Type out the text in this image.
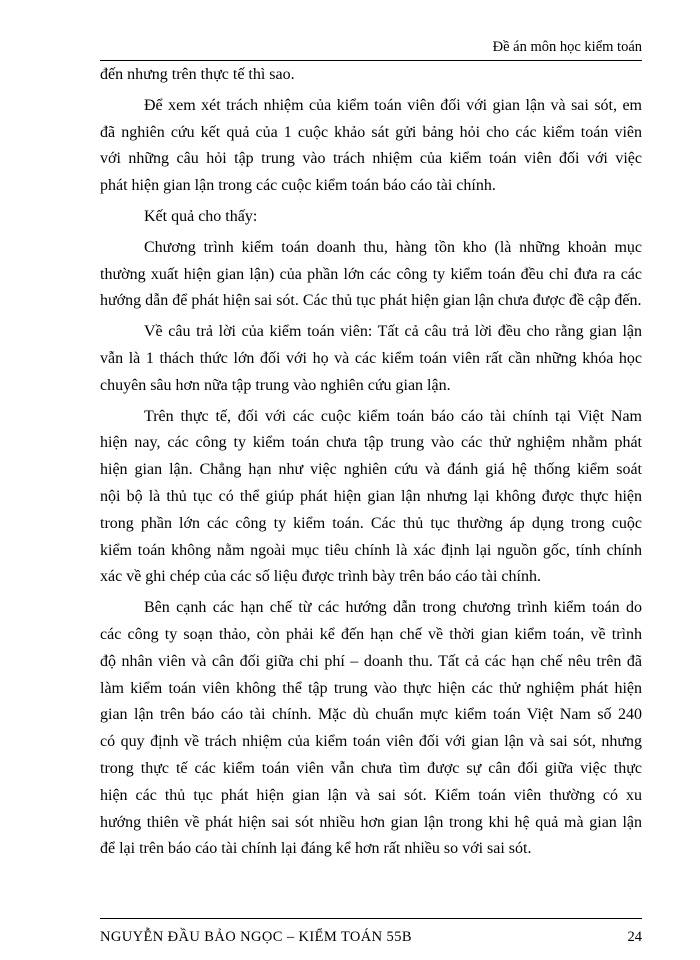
Đề án môn học kiểm toán
đến nhưng trên thực tế thì sao.
Để xem xét trách nhiệm của kiểm toán viên đối với gian lận và sai sót, em
đã nghiên cứu kết quả của 1 cuộc khảo sát gửi bảng hỏi cho các kiểm toán viên
với những câu hỏi tập trung vào trách nhiệm của kiểm toán viên đối với việc
phát hiện gian lận trong các cuộc kiểm toán báo cáo tài chính.
Kết quả cho thấy:
Chương trình kiểm toán doanh thu, hàng tồn kho (là những khoản mục
thường xuất hiện gian lận) của phần lớn các công ty kiểm toán đều chỉ đưa ra các
hướng dẫn để phát hiện sai sót. Các thủ tục phát hiện gian lận chưa được đề cập đến.
Về câu trả lời của kiểm toán viên: Tất cả câu trả lời đều cho rằng gian lận
vẫn là 1 thách thức lớn đối với họ và các kiểm toán viên rất cần những khóa học
chuyên sâu hơn nữa tập trung vào nghiên cứu gian lận.
Trên thực tế, đối với các cuộc kiểm toán báo cáo tài chính tại Việt Nam
hiện nay, các công ty kiểm toán chưa tập trung vào các thử nghiệm nhằm phát
hiện gian lận. Chẳng hạn như việc nghiên cứu và đánh giá hệ thống kiểm soát
nội bộ là thủ tục có thể giúp phát hiện gian lận nhưng lại không được thực hiện
trong phần lớn các công ty kiểm toán. Các thủ tục thường áp dụng trong cuộc
kiểm toán không nằm ngoài mục tiêu chính là xác định lại nguồn gốc, tính chính
xác về ghi chép của các số liệu được trình bày trên báo cáo tài chính.
Bên cạnh các hạn chế từ các hướng dẫn trong chương trình kiểm toán do
các công ty soạn thảo, còn phải kể đến hạn chế về thời gian kiểm toán, về trình
độ nhân viên và cân đối giữa chi phí – doanh thu. Tất cả các hạn chế nêu trên đã
làm kiểm toán viên không thể tập trung vào thực hiện các thử nghiệm phát hiện
gian lận trên báo cáo tài chính. Mặc dù chuẩn mực kiểm toán Việt Nam số 240
có quy định về trách nhiệm của kiểm toán viên đối với gian lận và sai sót, nhưng
trong thực tế các kiểm toán viên vẫn chưa tìm được sự cân đối giữa việc thực
hiện các thủ tục phát hiện gian lận và sai sót. Kiểm toán viên thường có xu
hướng thiên về phát hiện sai sót nhiều hơn gian lận trong khi hệ quả mà gian lận
để lại trên báo cáo tài chính lại đáng kể hơn rất nhiều so với sai sót.
NGUYỄN ĐẦU BẢO NGỌC – KIỂM TOÁN 55B	24
